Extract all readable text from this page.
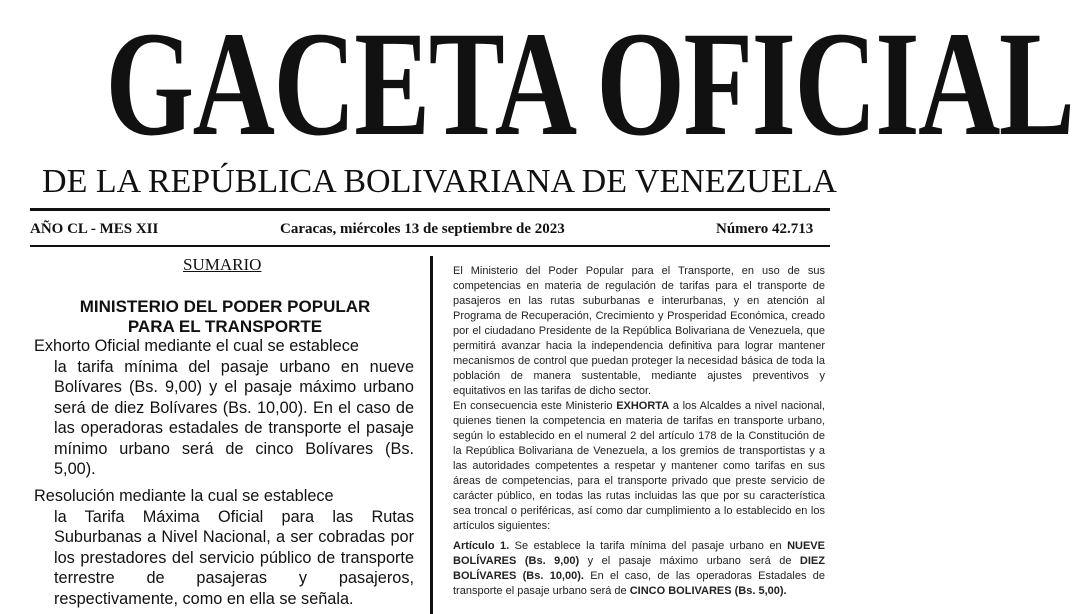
GACETA OFICIAL
DE LA REPÚBLICA BOLIVARIANA DE VENEZUELA
AÑO CL - MES XII	Caracas, miércoles 13 de septiembre de 2023	Número 42.713
SUMARIO
MINISTERIO DEL PODER POPULAR
PARA EL TRANSPORTE
Exhorto Oficial mediante el cual se establece
la tarifa mínima del pasaje urbano en nueve Bolívares (Bs. 9,00) y el pasaje máximo urbano será de diez Bolívares (Bs. 10,00). En el caso de las operadoras estadales de transporte el pasaje mínimo urbano será de cinco Bolívares (Bs. 5,00).
Resolución mediante la cual se establece
la Tarifa Máxima Oficial para las Rutas Suburbanas a Nivel Nacional, a ser cobradas por los prestadores del servicio público de transporte terrestre de pasajeras y pasajeros, respectivamente, como en ella se señala.

El Ministerio del Poder Popular para el Transporte, en uso de sus competencias en materia de regulación de tarifas para el transporte de pasajeros en las rutas suburbanas e interurbanas, y en atención al Programa de Recuperación, Crecimiento y Prosperidad Económica, creado por el ciudadano Presidente de la República Bolivariana de Venezuela, que permitirá avanzar hacia la independencia definitiva para lograr mantener mecanismos de control que puedan proteger la necesidad básica de toda la población de manera sustentable, mediante ajustes preventivos y equitativos en las tarifas de dicho sector.

En consecuencia este Ministerio EXHORTA a los Alcaldes a nivel nacional, quienes tienen la competencia en materia de tarifas en transporte urbano, según lo establecido en el numeral 2 del artículo 178 de la Constitución de la República Bolivariana de Venezuela, a los gremios de transportistas y a las autoridades competentes a respetar y mantener como tarifas en sus áreas de competencias, para el transporte privado que preste servicio de carácter público, en todas las rutas incluidas las que por su característica sea troncal o periféricas, así como dar cumplimiento a lo establecido en los artículos siguientes:

Artículo 1. Se establece la tarifa mínima del pasaje urbano en NUEVE BOLÍVARES (Bs. 9,00) y el pasaje máximo urbano será de DIEZ BOLÍVARES (Bs. 10,00). En el caso, de las operadoras Estadales de transporte el pasaje urbano será de CINCO BOLIVARES (Bs. 5,00).
